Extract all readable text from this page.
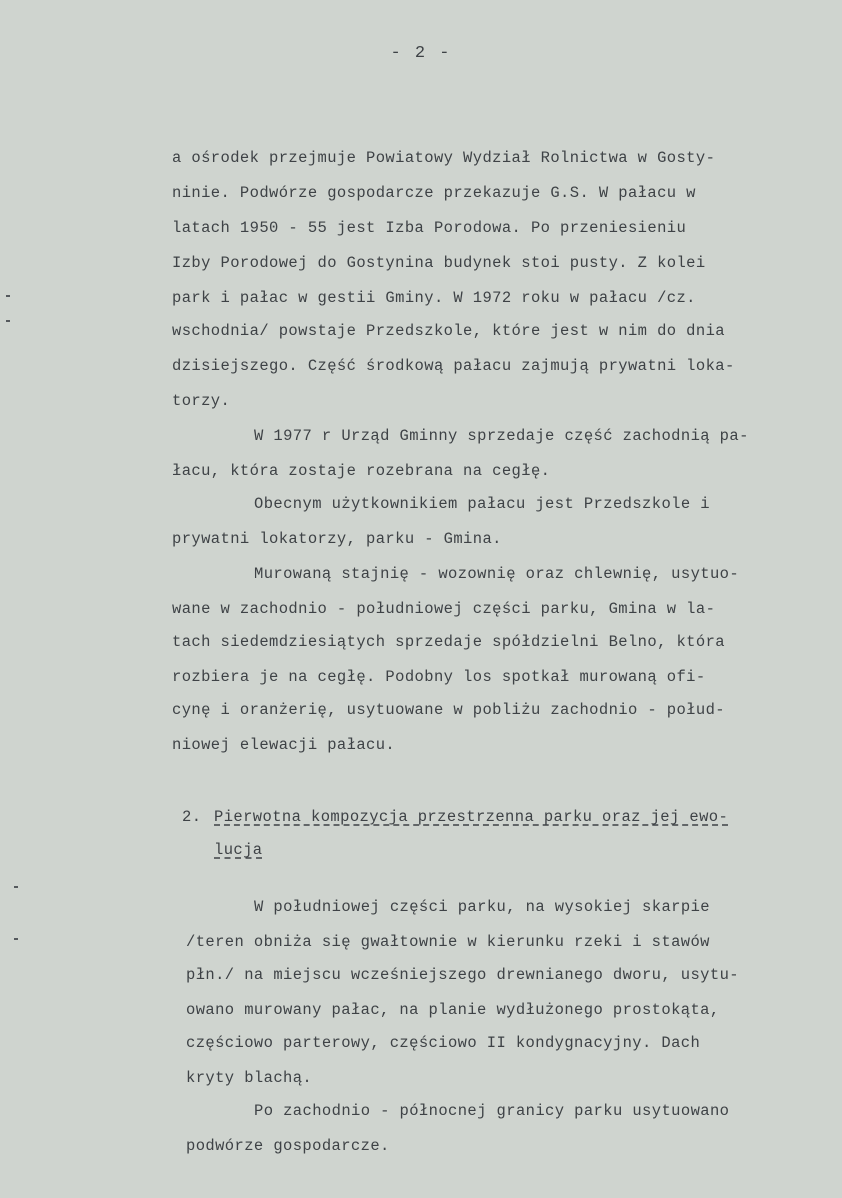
- 2 -
a ośrodek przejmuje Powiatowy Wydział Rolnictwa w Gosty-
ninie. Podwórze gospodarcze przekazuje G.S. W pałacu w
latach 1950 - 55 jest Izba Porodowa. Po przeniesieniu
Izby Porodowej do Gostynina budynek stoi pusty. Z kolei
park i pałac w gestii Gminy. W 1972 roku w pałacu /cz.
wschodnia/ powstaje Przedszkole, które jest w nim do dnia
dzisiejszego. Część środkową pałacu zajmują prywatni loka-
torzy.
W 1977 r Urząd Gminny sprzedaje część zachodnią pa-
łacu, która zostaje rozebrana na cegłę.
Obecnym użytkownikiem pałacu jest Przedszkole i
prywatni lokatorzy, parku - Gmina.
Murowaną stajnię - wozownię oraz chlewnię, usytuo-
wane w zachodnio - południowej części parku, Gmina w la-
tach siedemdziesiątych sprzedaje spółdzielni Belno, która
rozbiera je na cegłę. Podobny los spotkał murowaną ofi-
cynę i oranżerię, usytuowane w pobliżu zachodnio - połud-
niowej elewacji pałacu.
2. Pierwotna kompozycja przestrzenna parku oraz jej ewo-
lucja
W południowej części parku, na wysokiej skarpie
/teren obniża się gwałtownie w kierunku rzeki i stawów
płn./ na miejscu wcześniejszego drewnianego dworu, usytu-
owano murowany pałac, na planie wydłużonego prostokąta,
częściowo parterowy, częściowo II kondygnacyjny. Dach
kryty blachą.
Po zachodnio - północnej granicy parku usytuowano
podwórze gospodarcze.
